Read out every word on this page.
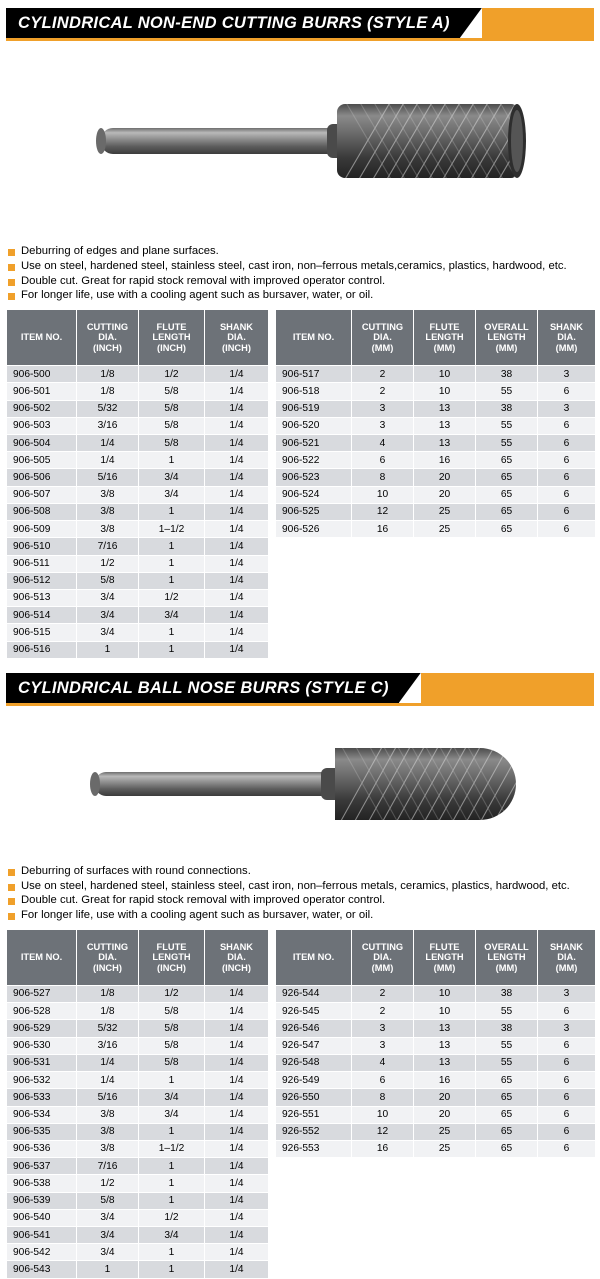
CYLINDRICAL NON-END CUTTING BURRS (STYLE A)
Deburring of edges and plane surfaces.
Use on steel, hardened steel, stainless steel, cast iron, non–ferrous metals,ceramics, plastics, hardwood, etc.
Double cut. Great for rapid stock removal with improved operator control.
For longer life, use with a cooling agent such as bursaver, water, or oil.
ITEM NO.	CUTTING
DIA.
(INCH)	FLUTE
LENGTH
(INCH)	SHANK
DIA.
(INCH)
906-500	1/8	1/2	1/4
906-501	1/8	5/8	1/4
906-502	5/32	5/8	1/4
906-503	3/16	5/8	1/4
906-504	1/4	5/8	1/4
906-505	1/4	1	1/4
906-506	5/16	3/4	1/4
906-507	3/8	3/4	1/4
906-508	3/8	1	1/4
906-509	3/8	1–1/2	1/4
906-510	7/16	1	1/4
906-511	1/2	1	1/4
906-512	5/8	1	1/4
906-513	3/4	1/2	1/4
906-514	3/4	3/4	1/4
906-515	3/4	1	1/4
906-516	1	1	1/4
ITEM NO.	CUTTING
DIA.
(MM)	FLUTE
LENGTH
(MM)	OVERALL
LENGTH
(MM)	SHANK
DIA.
(MM)
906-517	2	10	38	3
906-518	2	10	55	6
906-519	3	13	38	3
906-520	3	13	55	6
906-521	4	13	55	6
906-522	6	16	65	6
906-523	8	20	65	6
906-524	10	20	65	6
906-525	12	25	65	6
906-526	16	25	65	6
CYLINDRICAL BALL NOSE BURRS (STYLE C)
Deburring of surfaces with round connections.
Use on steel, hardened steel, stainless steel, cast iron, non–ferrous metals, ceramics, plastics, hardwood, etc.
Double cut. Great for rapid stock removal with improved operator control.
For longer life, use with a cooling agent such as bursaver, water, or oil.
ITEM NO.	CUTTING
DIA.
(INCH)	FLUTE
LENGTH
(INCH)	SHANK
DIA.
(INCH)
906-527	1/8	1/2	1/4
906-528	1/8	5/8	1/4
906-529	5/32	5/8	1/4
906-530	3/16	5/8	1/4
906-531	1/4	5/8	1/4
906-532	1/4	1	1/4
906-533	5/16	3/4	1/4
906-534	3/8	3/4	1/4
906-535	3/8	1	1/4
906-536	3/8	1–1/2	1/4
906-537	7/16	1	1/4
906-538	1/2	1	1/4
906-539	5/8	1	1/4
906-540	3/4	1/2	1/4
906-541	3/4	3/4	1/4
906-542	3/4	1	1/4
906-543	1	1	1/4
ITEM NO.	CUTTING
DIA.
(MM)	FLUTE
LENGTH
(MM)	OVERALL
LENGTH
(MM)	SHANK
DIA.
(MM)
926-544	2	10	38	3
926-545	2	10	55	6
926-546	3	13	38	3
926-547	3	13	55	6
926-548	4	13	55	6
926-549	6	16	65	6
926-550	8	20	65	6
926-551	10	20	65	6
926-552	12	25	65	6
926-553	16	25	65	6
